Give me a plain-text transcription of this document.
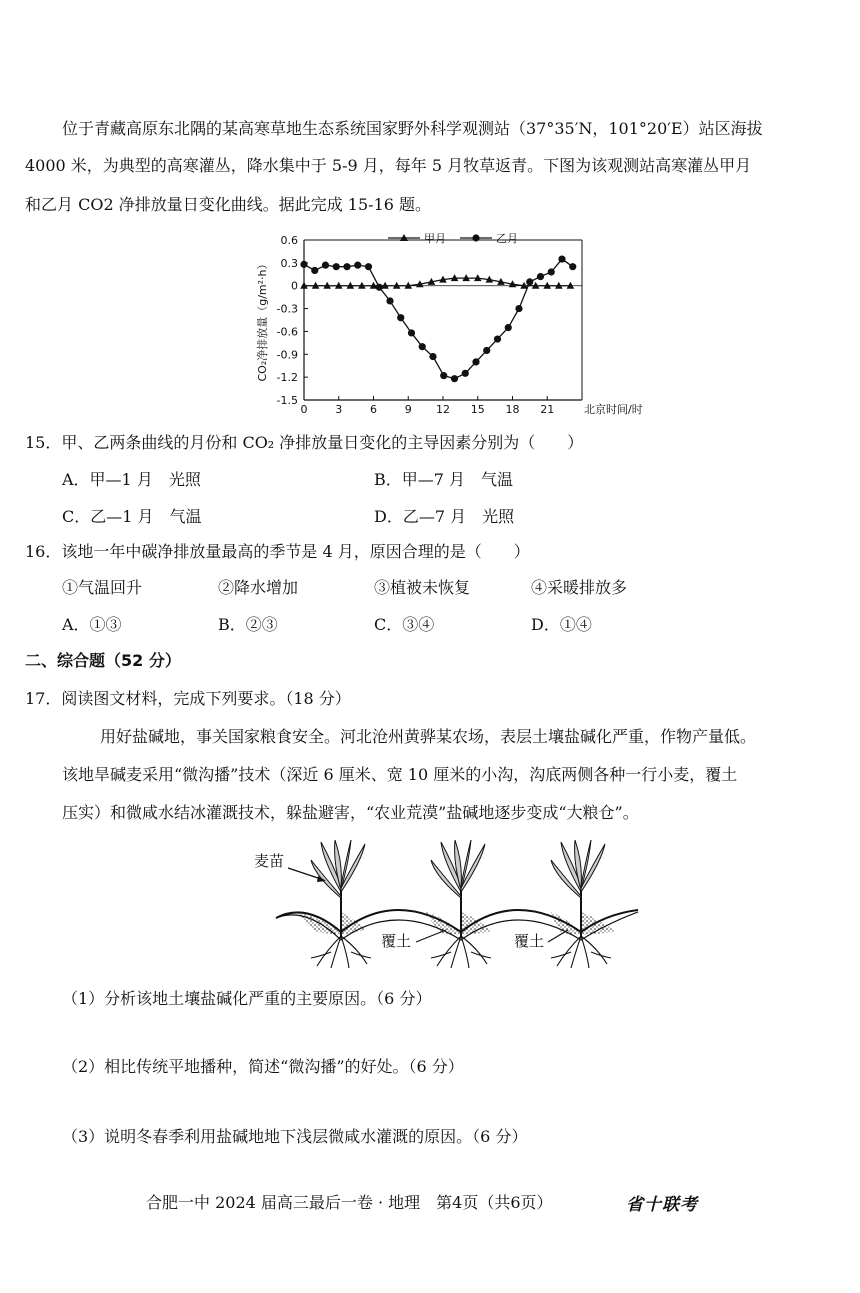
位于青藏高原东北隅的某高寒草地生态系统国家野外科学观测站（37°35′N，101°20′E）站区海拔
4000 米，为典型的高寒灌丛，降水集中于 5-9 月，每年 5 月牧草返青。下图为该观测站高寒灌丛甲月
和乙月 CO2 净排放量日变化曲线。据此完成 15-16 题。
0.6
0.3
0
-0.3
-0.6
-0.9
-1.2
-1.5
0	3	6	9 12 15 18 21	北京时间/时
CO₂净排放量（g/m²·h）
甲月	乙月
15．甲、乙两条曲线的月份和 CO₂ 净排放量日变化的主导因素分别为（　　）
A．甲—1 月　光照	B．甲—7 月　气温
C．乙—1 月　气温	D．乙—7 月　光照
16．该地一年中碳净排放量最高的季节是 4 月，原因合理的是（　　）
①气温回升	②降水增加	③植被未恢复	④采暖排放多
A．①③	B．②③	C．③④	D．①④
二、综合题（52 分）
17．阅读图文材料，完成下列要求。（18 分）
用好盐碱地，事关国家粮食安全。河北沧州黄骅某农场，表层土壤盐碱化严重，作物产量低。
该地旱碱麦采用“微沟播”技术（深近 6 厘米、宽 10 厘米的小沟，沟底两侧各种一行小麦，覆土
压实）和微咸水结冰灌溉技术，躲盐避害，“农业荒漠”盐碱地逐步变成“大粮仓”。
麦苗
覆土	覆土
（1）分析该地土壤盐碱化严重的主要原因。（6 分）
（2）相比传统平地播种，简述“微沟播”的好处。（6 分）
（3）说明冬春季利用盐碱地地下浅层微咸水灌溉的原因。（6 分）
合肥一中 2024 届高三最后一卷 · 地理　第4页（共6页）	省十联考
